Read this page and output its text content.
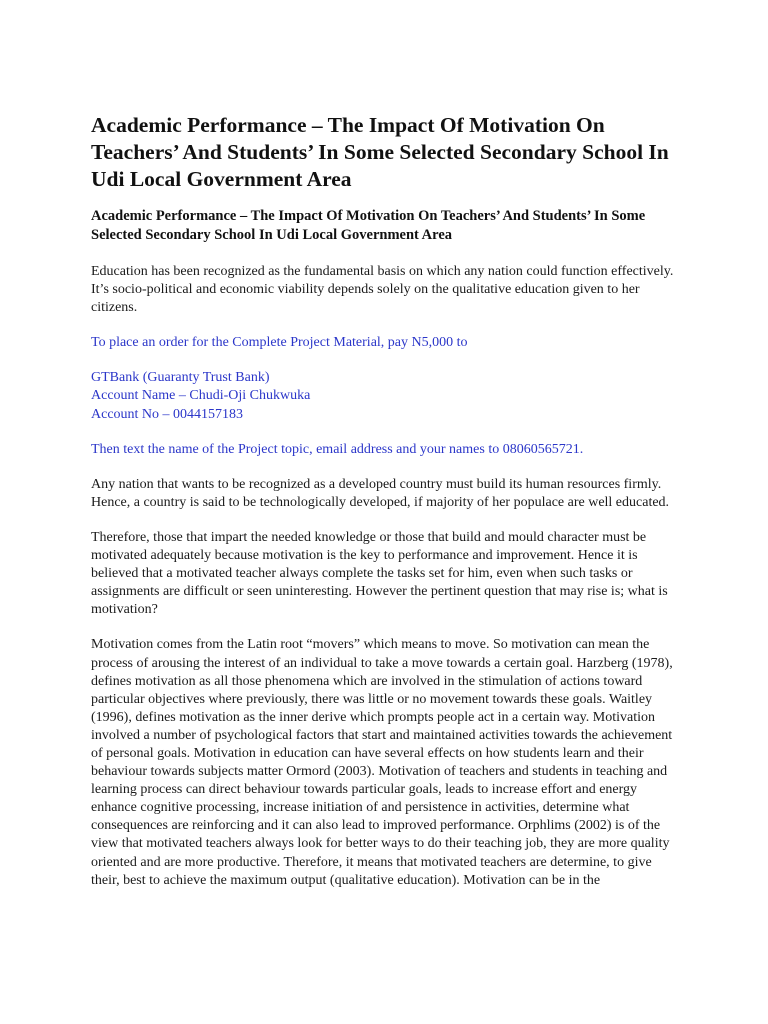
Academic Performance – The Impact Of Motivation On Teachers’ And Students’ In Some Selected Secondary School In Udi Local Government Area
Academic Performance – The Impact Of Motivation On Teachers’ And Students’ In Some Selected Secondary School In Udi Local Government Area

Education has been recognized as the fundamental basis on which any nation could function effectively. It’s socio-political and economic viability depends solely on the qualitative education given to her citizens.

To place an order for the Complete Project Material, pay N5,000 to

GTBank (Guaranty Trust Bank)
Account Name – Chudi-Oji Chukwuka
Account No – 0044157183

Then text the name of the Project topic, email address and your names to 08060565721.

Any nation that wants to be recognized as a developed country must build its human resources firmly. Hence, a country is said to be technologically developed, if majority of her populace are well educated.

Therefore, those that impart the needed knowledge or those that build and mould character must be motivated adequately because motivation is the key to performance and improvement. Hence it is believed that a motivated teacher always complete the tasks set for him, even when such tasks or assignments are difficult or seen uninteresting. However the pertinent question that may rise is; what is motivation?

Motivation comes from the Latin root “movers” which means to move. So motivation can mean the process of arousing the interest of an individual to take a move towards a certain goal. Harzberg (1978), defines motivation as all those phenomena which are involved in the stimulation of actions toward particular objectives where previously, there was little or no movement towards these goals. Waitley (1996), defines motivation as the inner derive which prompts people act in a certain way. Motivation involved a number of psychological factors that start and maintained activities towards the achievement of personal goals. Motivation in education can have several effects on how students learn and their behaviour towards subjects matter Ormord (2003). Motivation of teachers and students in teaching and learning process can direct behaviour towards particular goals, leads to increase effort and energy enhance cognitive processing, increase initiation of and persistence in activities, determine what consequences are reinforcing and it can also lead to improved performance. Orphlims (2002) is of the view that motivated teachers always look for better ways to do their teaching job, they are more quality oriented and are more productive. Therefore, it means that motivated teachers are determine, to give their, best to achieve the maximum output (qualitative education). Motivation can be in the
